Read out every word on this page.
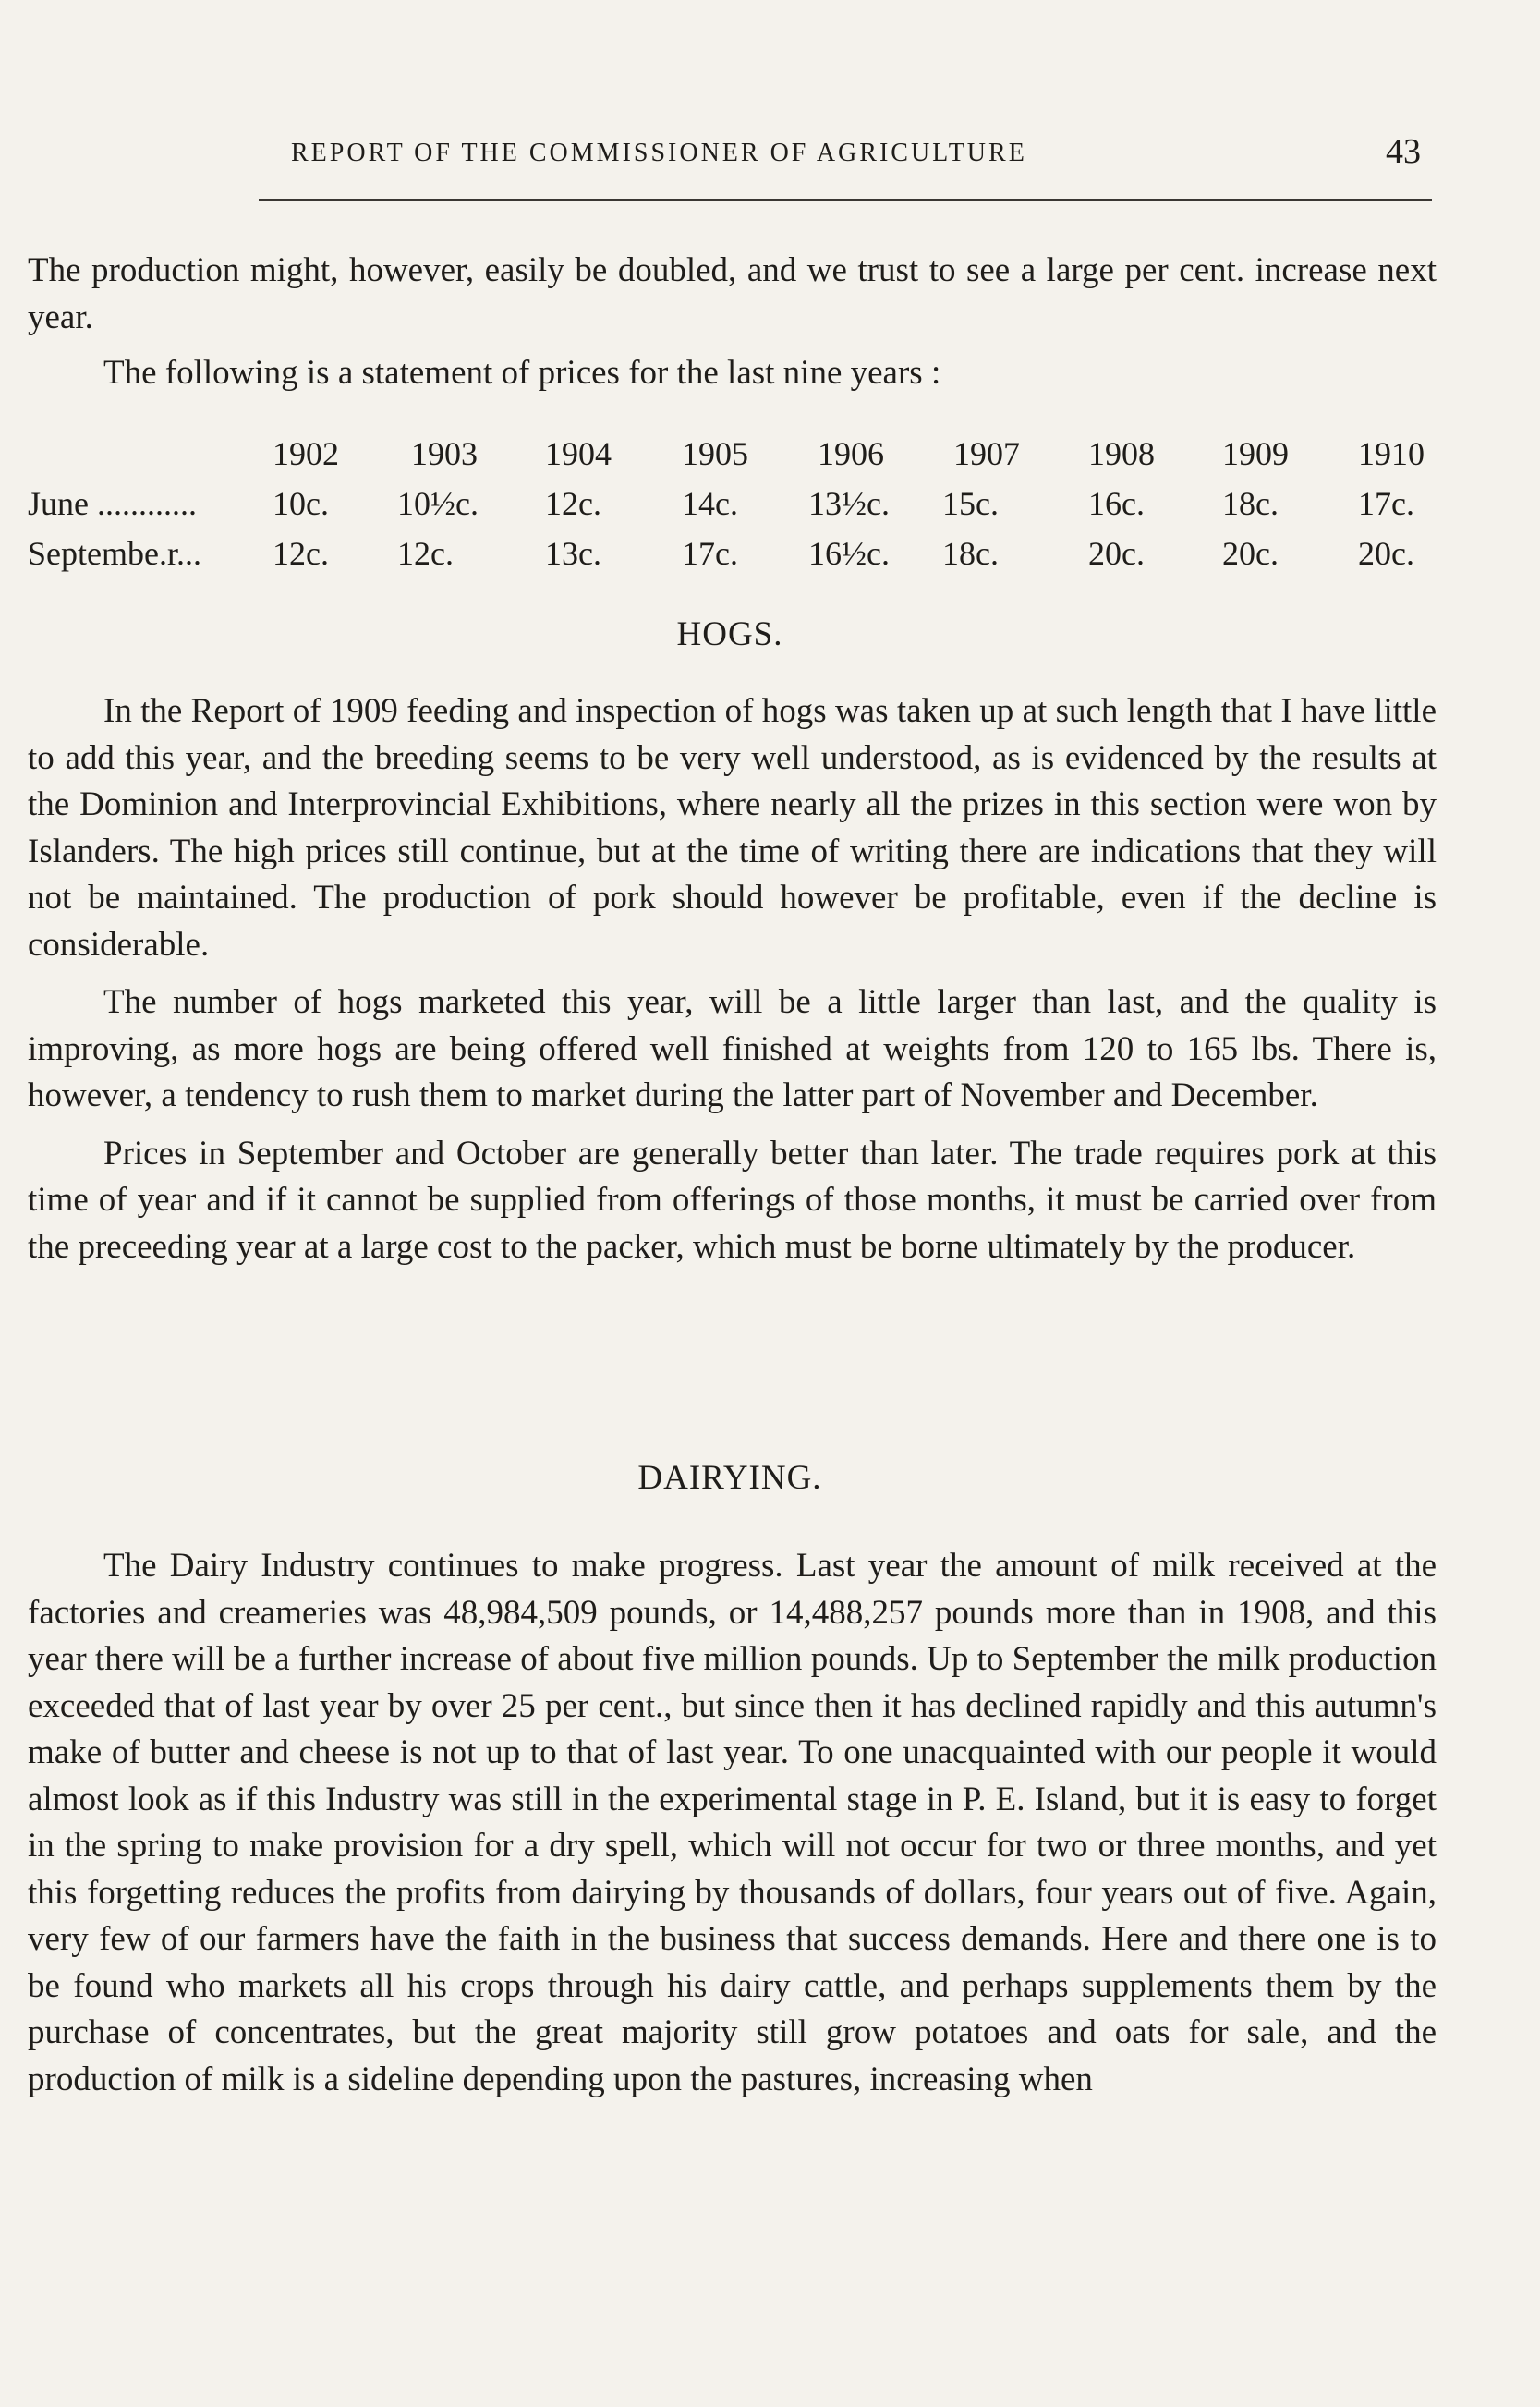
REPORT OF THE COMMISSIONER OF AGRICULTURE	43

The production might, however, easily be doubled, and we trust to see a large per cent. increase next year.

The following is a statement of prices for the last nine years :

1902 1903 1904 1905 1906 1907 1908 1909 1910
June ............ 10c. 10½c. 12c. 14c. 13½c. 15c.	16c. 18c. 17c.
Septembe.r... 12c. 12c.	13c. 17c. 16½c. 18c.	20c. 20c. 20c.
HOGS.

In the Report of 1909 feeding and inspection of hogs was taken up at such length that I have little to add this year, and the breeding seems to be very well understood, as is evidenced by the results at the Dominion and Interprovincial Exhibitions, where nearly all the prizes in this section were won by Islanders. The high prices still continue, but at the time of writing there are indications that they will not be maintained. The production of pork should however be profitable, even if the decline is considerable.

The number of hogs marketed this year, will be a little larger than last, and the quality is improving, as more hogs are being offered well finished at weights from 120 to 165 lbs. There is, however, a tendency to rush them to market during the latter part of November and December.

Prices in September and October are generally better than later. The trade requires pork at this time of year and if it cannot be supplied from offerings of those months, it must be carried over from the preceeding year at a large cost to the packer, which must be borne ultimately by the producer.

DAIRYING.

The Dairy Industry continues to make progress. Last year the amount of milk received at the factories and creameries was 48,984,509 pounds, or 14,488,257 pounds more than in 1908, and this year there will be a further increase of about five million pounds. Up to September the milk production exceeded that of last year by over 25 per cent., but since then it has declined rapidly and this autumn's make of butter and cheese is not up to that of last year. To one unacquainted with our people it would almost look as if this Industry was still in the experimental stage in P. E. Island, but it is easy to forget in the spring to make provision for a dry spell, which will not occur for two or three months, and yet this forgetting reduces the profits from dairying by thousands of dollars, four years out of five. Again, very few of our farmers have the faith in the business that success demands. Here and there one is to be found who markets all his crops through his dairy cattle, and perhaps supplements them by the purchase of concentrates, but the great majority still grow potatoes and oats for sale, and the production of milk is a sideline depending upon the pastures, increasing when
